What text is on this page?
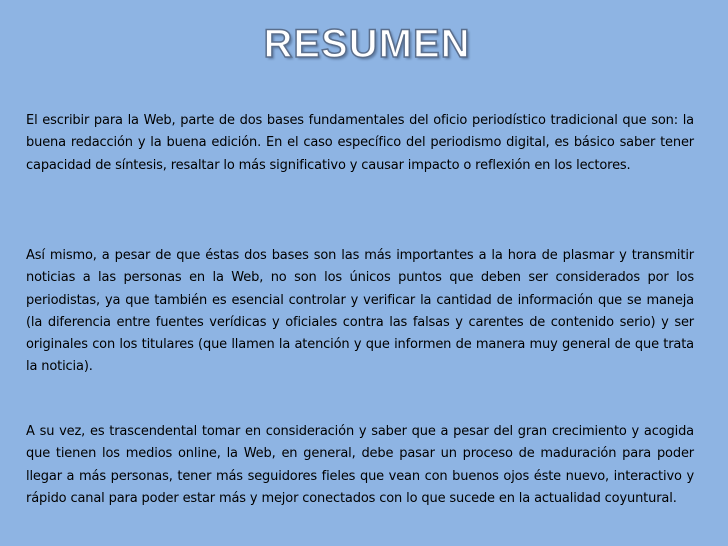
RESUMEN

El escribir para la Web, parte de dos bases fundamentales del oficio periodístico tradicional que son: la buena redacción y la buena edición. En el caso específico del periodismo digital, es básico saber tener capacidad de síntesis, resaltar lo más significativo y causar impacto o reflexión en los lectores.

Así mismo, a pesar de que éstas dos bases son las más importantes a la hora de plasmar y transmitir noticias a las personas en la Web, no son los únicos puntos que deben ser considerados por los periodistas, ya que también es esencial controlar y verificar la cantidad de información que se maneja (la diferencia entre fuentes verídicas y oficiales contra las falsas y carentes de contenido serio) y ser originales con los titulares (que llamen la atención y que informen de manera muy general de que trata la noticia).

A su vez, es trascendental tomar en consideración y saber que a pesar del gran crecimiento y acogida que tienen los medios online, la Web, en general, debe pasar un proceso de maduración para poder llegar a más personas, tener más seguidores fieles que vean con buenos ojos éste nuevo, interactivo y rápido canal para poder estar más y mejor conectados con lo que sucede en la actualidad coyuntural.
